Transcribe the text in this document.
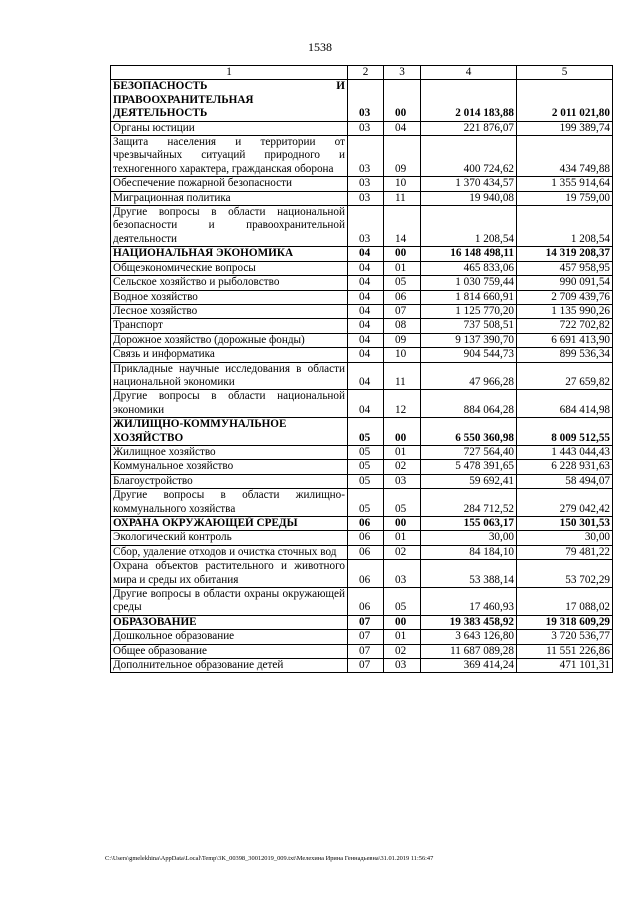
1538
1	2	3	4	5
БЕЗОПАСНОСТЬ И ПРАВООХРАНИТЕЛЬНАЯ ДЕЯТЕЛЬНОСТЬ	03	00	2 014 183,88	2 011 021,80
Органы юстиции	03	04	221 876,07	199 389,74
Защита населения и территории от чрезвычайных ситуаций природного и техногенного характера, гражданская оборона	03	09	400 724,62	434 749,88
Обеспечение пожарной безопасности	03	10	1 370 434,57	1 355 914,64
Миграционная политика	03	11	19 940,08	19 759,00
Другие вопросы в области национальной безопасности и правоохранительной деятельности	03	14	1 208,54	1 208,54
НАЦИОНАЛЬНАЯ ЭКОНОМИКА	04	00	16 148 498,11	14 319 208,37
Общеэкономические вопросы	04	01	465 833,06	457 958,95
Сельское хозяйство и рыболовство	04	05	1 030 759,44	990 091,54
Водное хозяйство	04	06	1 814 660,91	2 709 439,76
Лесное хозяйство	04	07	1 125 770,20	1 135 990,26
Транспорт	04	08	737 508,51	722 702,82
Дорожное хозяйство (дорожные фонды)	04	09	9 137 390,70	6 691 413,90
Связь и информатика	04	10	904 544,73	899 536,34
Прикладные научные исследования в области национальной экономики	04	11	47 966,28	27 659,82
Другие вопросы в области национальной экономики	04	12	884 064,28	684 414,98
ЖИЛИЩНО-КОММУНАЛЬНОЕ ХОЗЯЙСТВО	05	00	6 550 360,98	8 009 512,55
Жилищное хозяйство	05	01	727 564,40	1 443 044,43
Коммунальное хозяйство	05	02	5 478 391,65	6 228 931,63
Благоустройство	05	03	59 692,41	58 494,07
Другие вопросы в области жилищно-коммунального хозяйства	05	05	284 712,52	279 042,42
ОХРАНА ОКРУЖАЮЩЕЙ СРЕДЫ	06	00	155 063,17	150 301,53
Экологический контроль	06	01	30,00	30,00
Сбор, удаление отходов и очистка сточных вод	06	02	84 184,10	79 481,22
Охрана объектов растительного и животного мира и среды их обитания	06	03	53 388,14	53 702,29
Другие вопросы в области охраны окружающей среды	06	05	17 460,93	17 088,02
ОБРАЗОВАНИЕ	07	00	19 383 458,92	19 318 609,29
Дошкольное образование	07	01	3 643 126,80	3 720 536,77
Общее образование	07	02	11 687 089,28	11 551 226,86
Дополнительное образование детей	07	03	369 414,24	471 101,31
C:\Users\gmelekhina\AppData\Local\Temp\3K_00398_30012019_009.txt\Мелехина Ирина Геннадьевна\31.01.2019 11:56:47
